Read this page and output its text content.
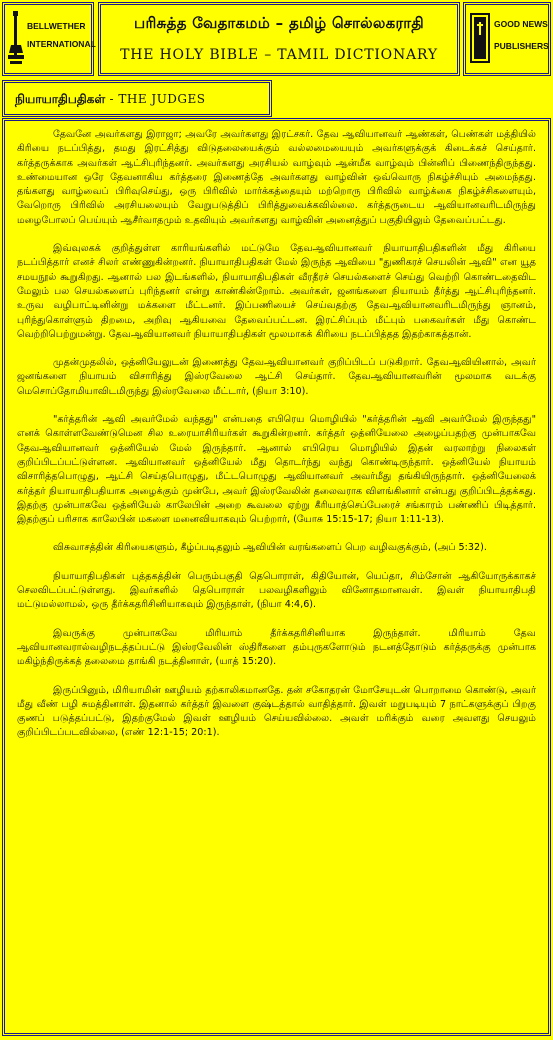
BELLWETHER
INTERNATIONAL
பரிசுத்த வேதாகமம் – தமிழ் சொல்லகராதி
THE HOLY BIBLE – TAMIL DICTIONARY
GOOD NEWS
PUBLISHERS
நியாயாதிபதிகள் - THE JUDGES

தேவனே அவர்களது இராஜா; அவரே அவர்களது இரட்சகர். தேவ ஆவியானவர் ஆண்கள், பெண்கள் மத்தியில் கிரியை நடப்பித்து, தமது இரட்சித்து விடுதலையைக்கும் வல்லமையையும் அவர்களுக்குக் கிடைக்கச் செய்தார். கர்த்தருக்காக அவர்கள் ஆட்சிபுரிந்தனர். அவர்களது அரசியல் வாழ்வும் ஆன்மீக வாழ்வும் பின்னிப் பிணைந்திருந்தது. உண்மையான ஒரே தேவனாகிய கர்த்தரை இணைத்தே அவர்களது வாழ்வின் ஒவ்வொரு நிகழ்ச்சியும் அமைந்தது. தங்களது வாழ்வைப் பிரிவுசெய்து, ஒரு பிரிவில் மார்க்கத்தையும் மற்றொரு பிரிவில் வாழ்க்கை நிகழ்ச்சிகளையும், வேறொரு பிரிவில் அரசியலையும் வேறுபடுத்திப் பிரித்துவைக்கவில்லை. கர்த்தருடைய ஆவியானவரிடமிருந்து மழைபோலப் பெய்யும் ஆசீர்வாதமும் உதவியும் அவர்களது வாழ்வின் அனைத்துப் பகுதியிலும் தேவைப்பட்டது.

இவ்வுலகக் குறித்துள்ள காரியங்களில் மட்டுமே தேவஆவியானவர் நியாயாதிபதிகளின் மீது கிரியை நடப்பித்தார் எனச் சிலர் எண்ணுகின்றனர். நியாயாதிபதிகள் மேல் இருந்த ஆவியை "துணிகரச் செயலின் ஆவி" என யூத சமயநூல் கூறுகிறது. ஆனால் பல இடங்களில், நியாயாதிபதிகள் வீரதீரச் செயல்களைச் செய்து வெற்றி கொண்டதைவிட மேலும் பல செயல்களைப் புரிந்தனர் என்று காண்கின்றோம். அவர்கள், ஜனங்களை நியாயம் தீர்த்து ஆட்சிபுரிந்தனர். உருவ வழிபாட்டினின்று மக்களை மீட்டனர். இப்பணியைச் செய்வதற்கு தேவஆவியானவரிடமிருந்து ஞானம், புரிந்துகொள்ளும் திறமை, அறிவு ஆகியவை தேவைப்பட்டன. இரட்சிப்பும் மீட்பும் பகைவர்கள் மீது கொண்ட வெற்றிபெற்றுமன்று. தேவஆவியானவர் நியாயாதிபதிகள் மூலமாகக் கிரியை நடப்பித்தத இதற்காகத்தான்.

முதன்முதலில், ஒத்னியேலுடன் இணைத்து தேவஆவியானவர் குறிப்பிடப் படுகிறார். தேவஆவியினால், அவர் ஜனங்களை நியாயம் விசாரித்து இஸ்ரவேலை ஆட்சி செய்தார். தேவஆவியானவரின் மூலமாக வடக்கு மெசொப்தோமியாவிடமிருந்து இஸ்ரவேலை மீட்டார், (நியா 3:10).

"கர்த்தரின் ஆவி அவர்மேல் வந்தது" என்பதை எபிரெய மொழியில் "கர்த்தரின் ஆவி அவர்மேல் இருந்தது" எனக் கொள்ளவேண்டுமென சில உரையாசிரியர்கள் கூறுகின்றனர். கர்த்தர் ஒத்னியேலை அழைப்பதற்கு முன்பாகவே தேவஆவியானவர் ஒத்னியேல் மேல் இருந்தார். ஆனால் எபிரெய மொழியில் இதன் வரலாற்று நிலைகள் குறிப்பிடப்பட்டுள்ளன. ஆவியானவர் ஒத்னியேல் மீது தொடர்ந்து வந்து கொண்டிருந்தார். ஒத்னியேல் நியாயம் விசாரித்தபொழுது, ஆட்சி செய்தபொழுது, மீட்டபொழுது ஆவியானவர் அவர்மீது தங்கியிருந்தார். ஒத்னியேலைக் கர்த்தர் நியாயாதிபதியாக அழைக்கும் முன்பே, அவர் இஸ்ரவேலின் தலைவராக விளங்கினார் என்பது குறிப்பிடத்தக்கது. இதற்கு முன்பாகவே ஒத்னியேல் காலேபின் அறை கூவலை ஏற்று கீரியாத்செப்பேரைச் சங்காரம் பண்ணிப் பிடித்தார். இதற்குப் பரிசாக காலேபின் மகளை மனைவியாகவும் பெற்றார், (யோசு 15:15-17; நியா 1:11-13).

விசுவாசத்தின் கிரியைகளும், கீழ்ப்படிதலும் ஆவியின் வரங்களைப் பெற வழிவகுக்கும், (அப் 5:32).

நியாயாதிபதிகள் புத்தகத்தின் பெரும்பகுதி தெபொராள், கிதியோன், யெப்தா, சிம்சோன் ஆகியோருக்காகச் செலவிடப்பட்டுள்ளது. இவர்களில் தெபொராள் பலவழிகளிலும் வினோதமானவள். இவள் நியாயாதிபதி மட்டுமல்லாமல், ஒரு தீர்க்கதரிசினியாகவும் இருந்தாள், (நியா 4:4,6).

இவருக்கு முன்பாகவே மிரியாம் தீர்க்கதரிசினியாக இருந்தாள். மிரியாம் தேவ ஆவியானவரால்வழிநடத்தப்பட்டு இஸ்ரவேலின் ஸ்திரீகளை தம்புருகளோடும் நடனத்தோடும் கர்த்தருக்கு முன்பாக மகிழ்ந்திருக்கத் தலைமை தாங்கி நடத்தினாள், (யாத் 15:20).

இருப்பினும், மிரியாமின் ஊழியம் தற்காலிகமானதே. தன் சகோதரன் மோசேயுடன் பொறாமை கொண்டு, அவர் மீது வீண் பழி சுமத்தினாள். இதனால் கர்த்தர் இவளை குஷ்டத்தால் வாதித்தார். இவள் மறுபடியும் 7 நாட்களுக்குப் பிறகு குணப் படுத்தப்பட்டு, இதற்குமேல் இவள் ஊழியம் செய்யவில்லை. அவள் மரிக்கும் வரை அவளது செயலும் குறிப்பிடப்படவில்லை, (எண் 12:1-15; 20:1).
